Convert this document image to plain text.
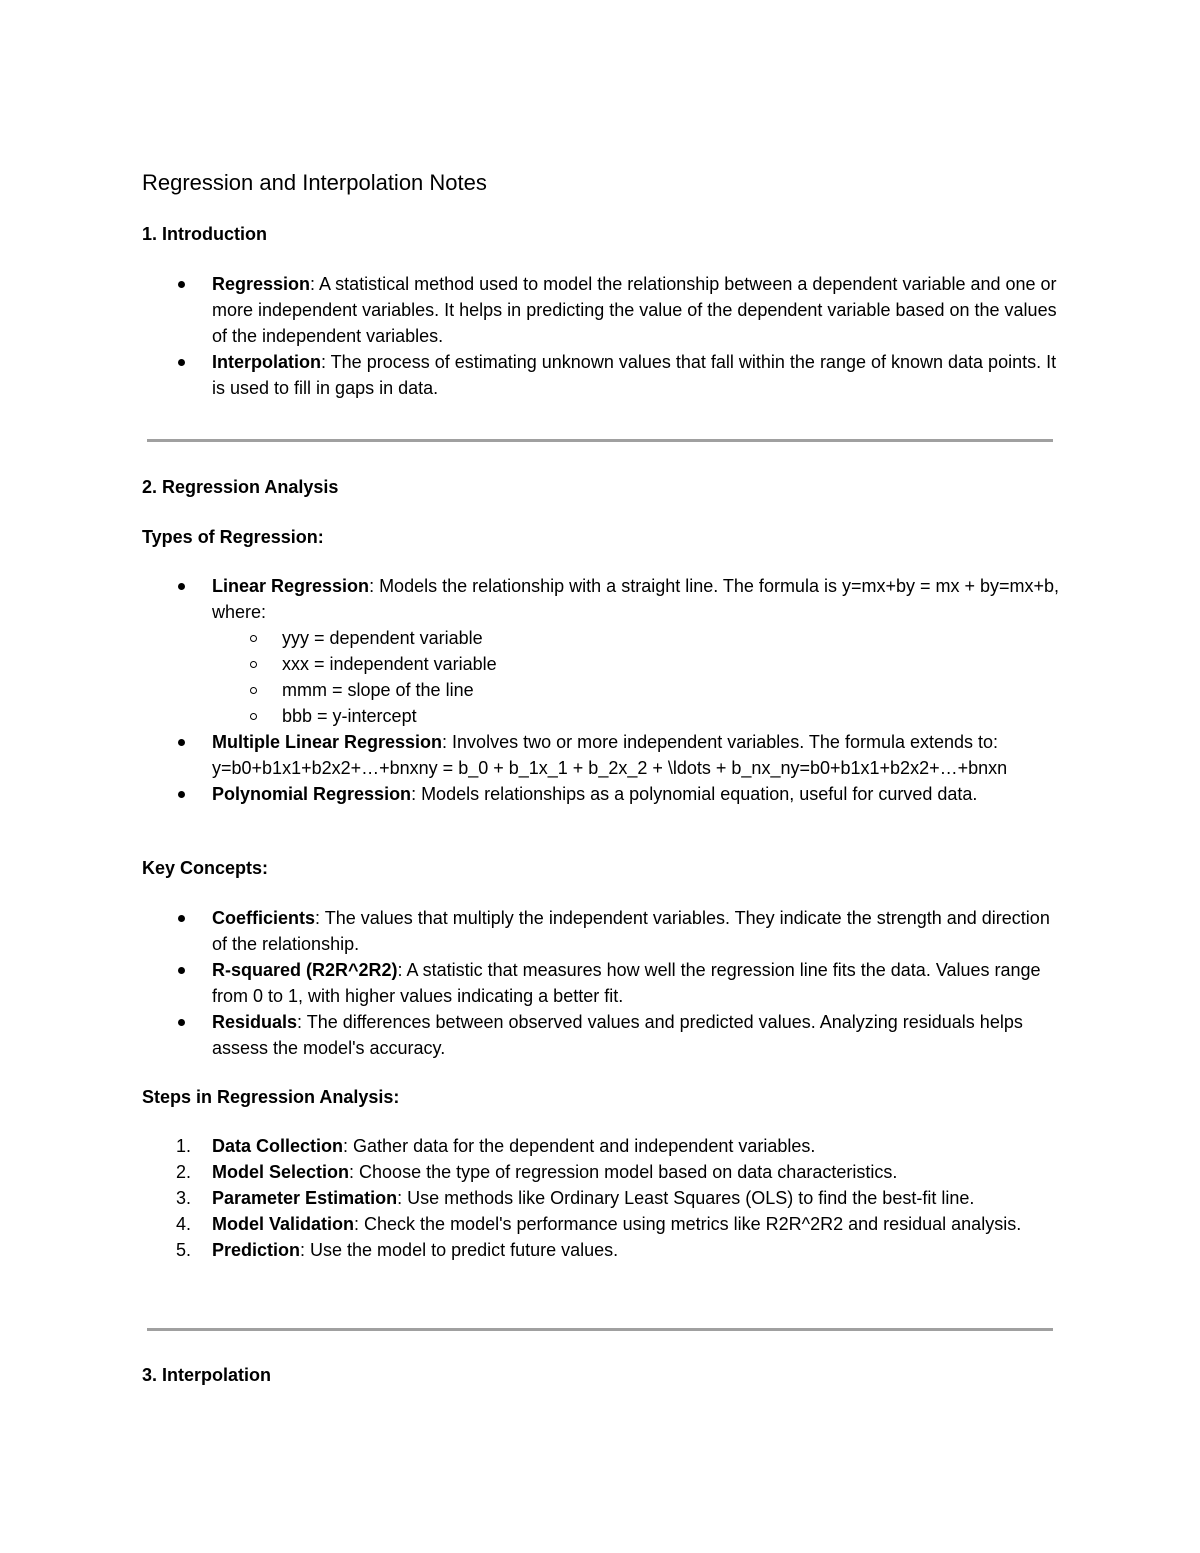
Regression and Interpolation Notes
1. Introduction
Regression: A statistical method used to model the relationship between a dependent variable and one or more independent variables. It helps in predicting the value of the dependent variable based on the values of the independent variables.
Interpolation: The process of estimating unknown values that fall within the range of known data points. It is used to fill in gaps in data.
2. Regression Analysis
Types of Regression:
Linear Regression: Models the relationship with a straight line. The formula is y=mx+by = mx + by=mx+b, where:
yyy = dependent variable
xxx = independent variable
mmm = slope of the line
bbb = y-intercept
Multiple Linear Regression: Involves two or more independent variables. The formula extends to: y=b0+b1x1+b2x2+…+bnxny = b_0 + b_1x_1 + b_2x_2 + \ldots + b_nx_ny=b0​+b1​x1​+b2​x2​+…+bn​xn​
Polynomial Regression: Models relationships as a polynomial equation, useful for curved data.
Key Concepts:
Coefficients: The values that multiply the independent variables. They indicate the strength and direction of the relationship.
R-squared (R2R^2R2): A statistic that measures how well the regression line fits the data. Values range from 0 to 1, with higher values indicating a better fit.
Residuals: The differences between observed values and predicted values. Analyzing residuals helps assess the model's accuracy.
Steps in Regression Analysis:
1.	Data Collection: Gather data for the dependent and independent variables.
2.	Model Selection: Choose the type of regression model based on data characteristics.
3.	Parameter Estimation: Use methods like Ordinary Least Squares (OLS) to find the best-fit line.
4.	Model Validation: Check the model's performance using metrics like R2R^2R2 and residual analysis.
5.	Prediction: Use the model to predict future values.
3. Interpolation
